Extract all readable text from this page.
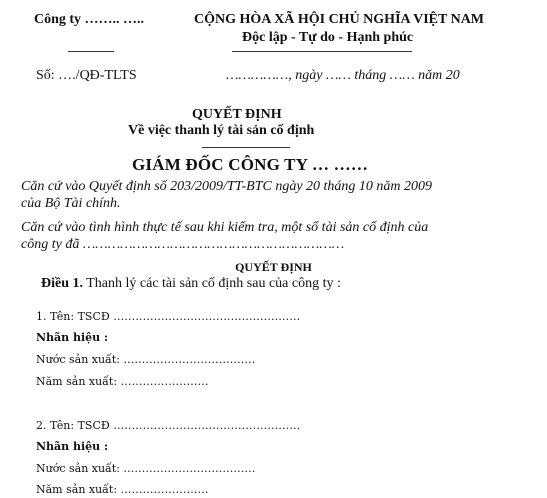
Công ty …….. …..	CỘNG HÒA XÃ HỘI CHỦ NGHĨA VIỆT NAM
Độc lập - Tự do - Hạnh phúc
Số: …./QĐ-TLTS	……………, ngày …… tháng …… năm 20
QUYẾT ĐỊNH
Về việc thanh lý tài sản cố định
GIÁM ĐỐC CÔNG TY … ……
Căn cứ vào Quyết định số 203/2009/TT-BTC ngày 20 tháng 10 năm 2009
của Bộ Tài chính.
Căn cứ vào tình hình thực tế sau khi kiểm tra, một số tài sản cố định của
công ty đã ………………………………………………………
QUYẾT ĐỊNH
Điều 1. Thanh lý các tài sản cố định sau của công ty :
1. Tên: TSCĐ ……………………………………………
Nhãn hiệu :
Nước sản xuất: ………………………………
Năm sản xuất: ……………………
2. Tên: TSCĐ ……………………………………………
Nhãn hiệu :
Nước sản xuất: ………………………………
Năm sản xuất: ……………………
